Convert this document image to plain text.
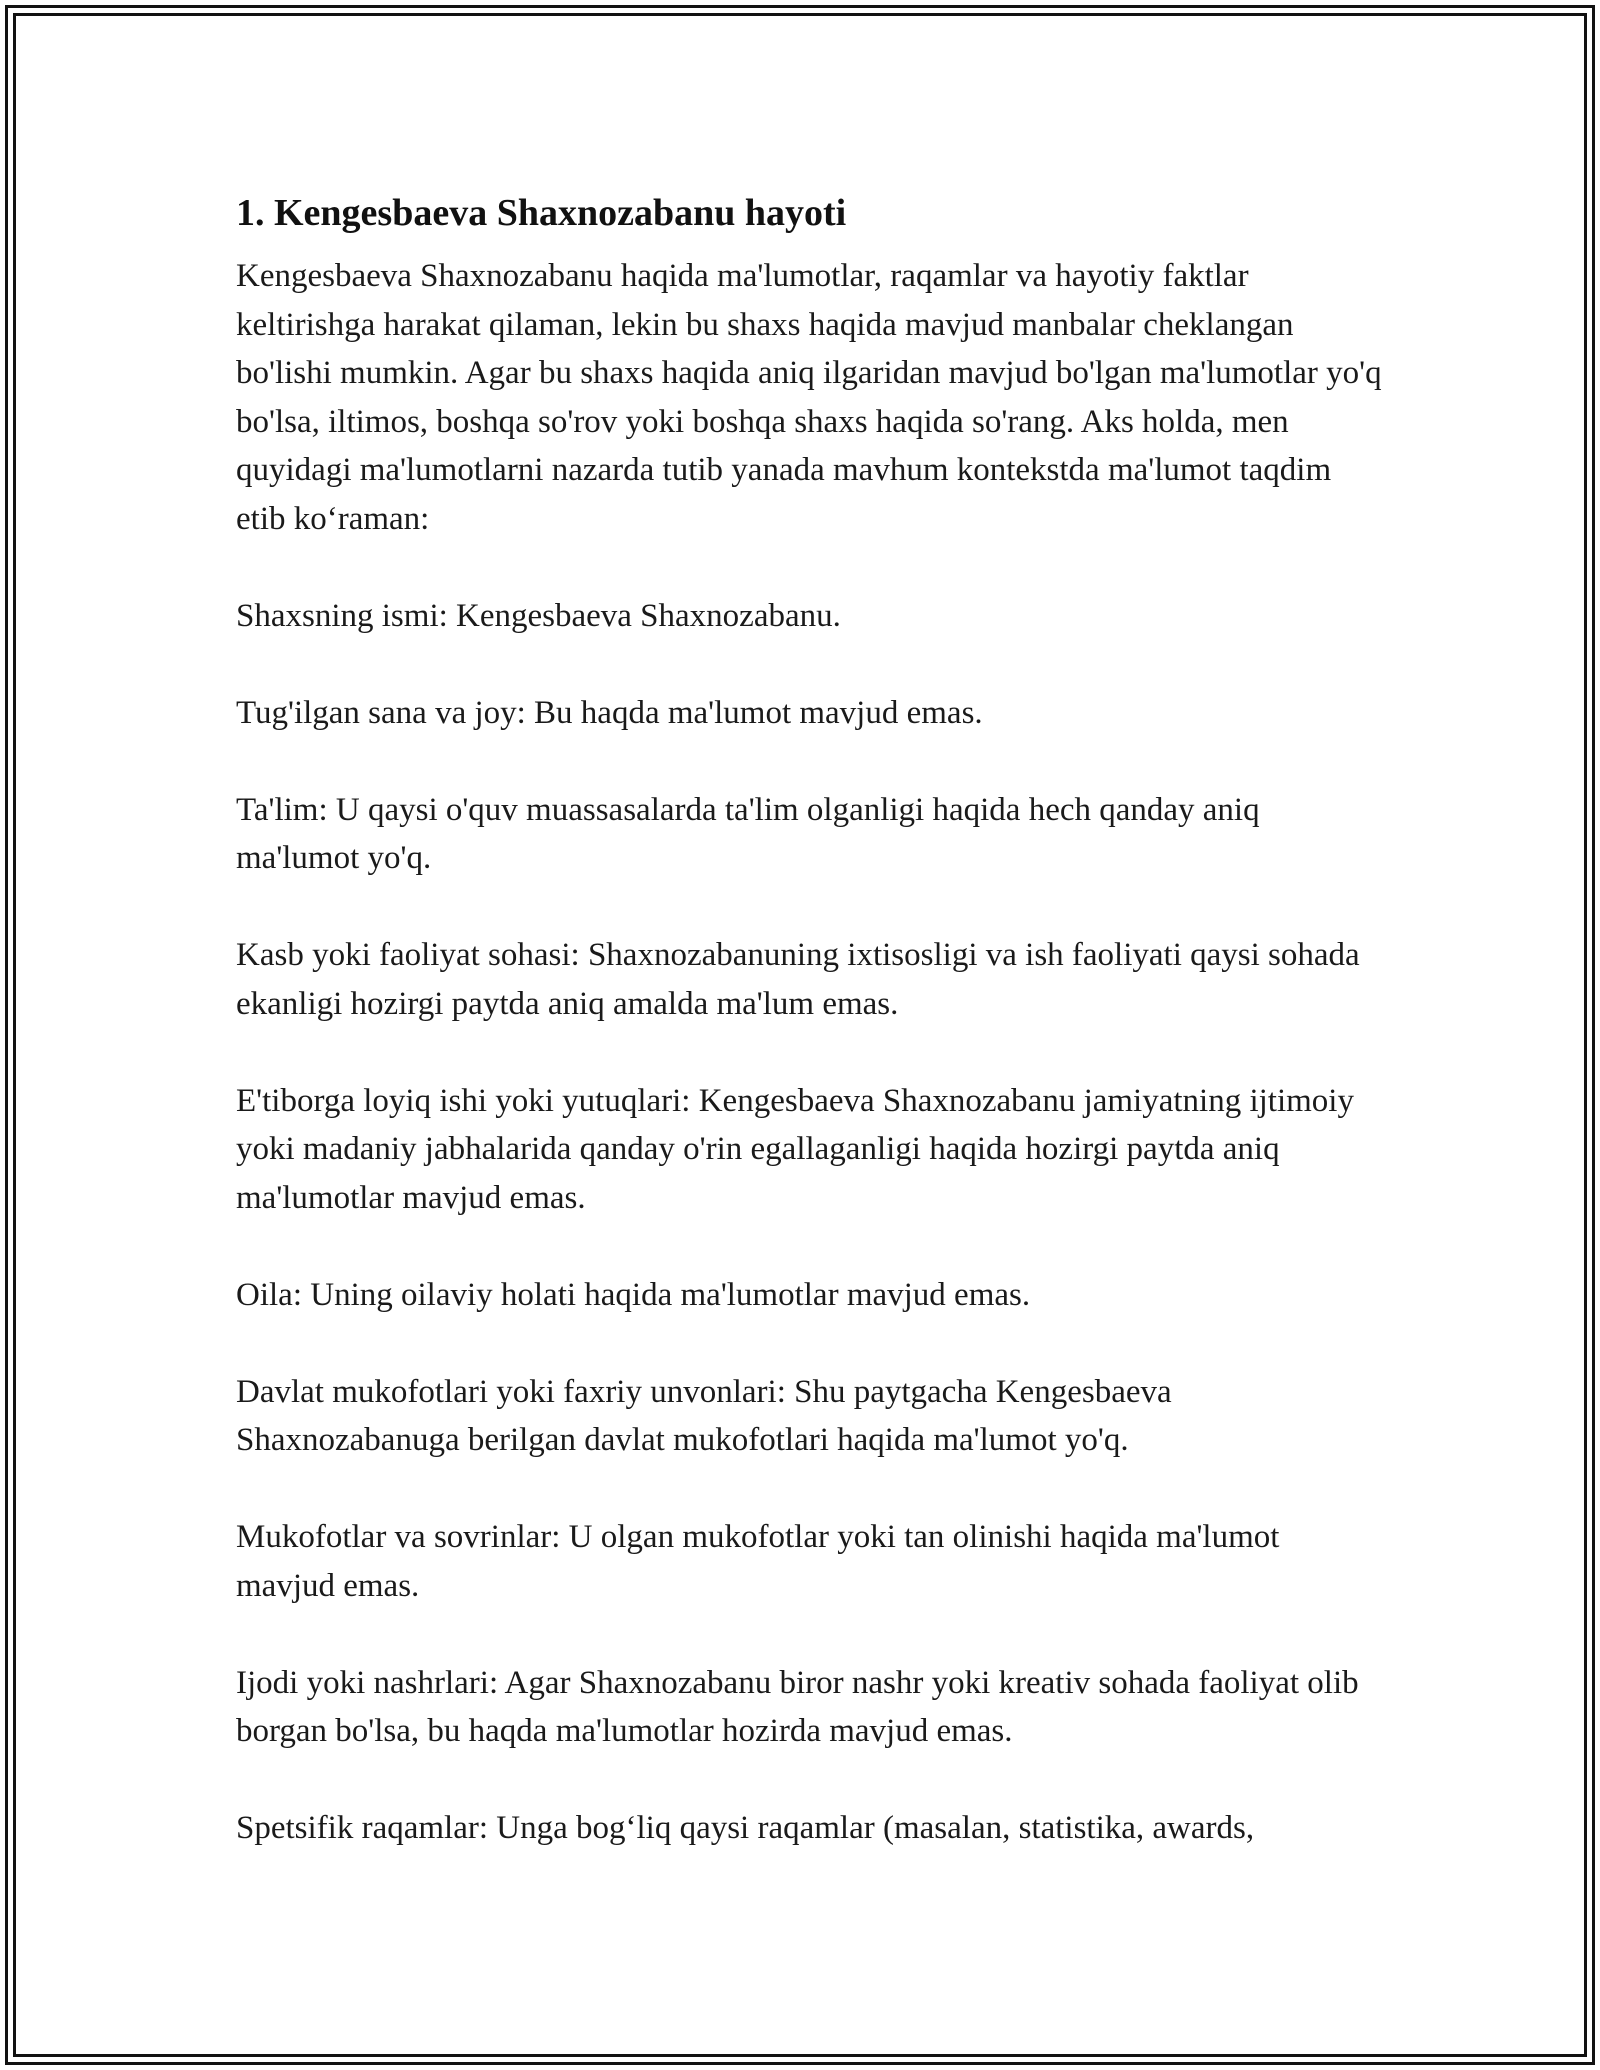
1. Kengesbaeva Shaxnozabanu hayoti

Kengesbaeva Shaxnozabanu haqida ma'lumotlar, raqamlar va hayotiy faktlar keltirishga harakat qilaman, lekin bu shaxs haqida mavjud manbalar cheklangan bo'lishi mumkin. Agar bu shaxs haqida aniq ilgaridan mavjud bo'lgan ma'lumotlar yo'q bo'lsa, iltimos, boshqa so'rov yoki boshqa shaxs haqida so'rang. Aks holda, men quyidagi ma'lumotlarni nazarda tutib yanada mavhum kontekstda ma'lumot taqdim etib ko‘raman:

Shaxsning ismi: Kengesbaeva Shaxnozabanu.

Tug'ilgan sana va joy: Bu haqda ma'lumot mavjud emas.

Ta'lim: U qaysi o'quv muassasalarda ta'lim olganligi haqida hech qanday aniq ma'lumot yo'q.

Kasb yoki faoliyat sohasi: Shaxnozabanuning ixtisosligi va ish faoliyati qaysi sohada ekanligi hozirgi paytda aniq amalda ma'lum emas.

E'tiborga loyiq ishi yoki yutuqlari: Kengesbaeva Shaxnozabanu jamiyatning ijtimoiy yoki madaniy jabhalarida qanday o'rin egallaganligi haqida hozirgi paytda aniq ma'lumotlar mavjud emas.

Oila: Uning oilaviy holati haqida ma'lumotlar mavjud emas.

Davlat mukofotlari yoki faxriy unvonlari: Shu paytgacha Kengesbaeva Shaxnozabanuga berilgan davlat mukofotlari haqida ma'lumot yo'q.

Mukofotlar va sovrinlar: U olgan mukofotlar yoki tan olinishi haqida ma'lumot mavjud emas.

Ijodi yoki nashrlari: Agar Shaxnozabanu biror nashr yoki kreativ sohada faoliyat olib borgan bo'lsa, bu haqda ma'lumotlar hozirda mavjud emas.

Spetsifik raqamlar: Unga bog‘liq qaysi raqamlar (masalan, statistika, awards,
